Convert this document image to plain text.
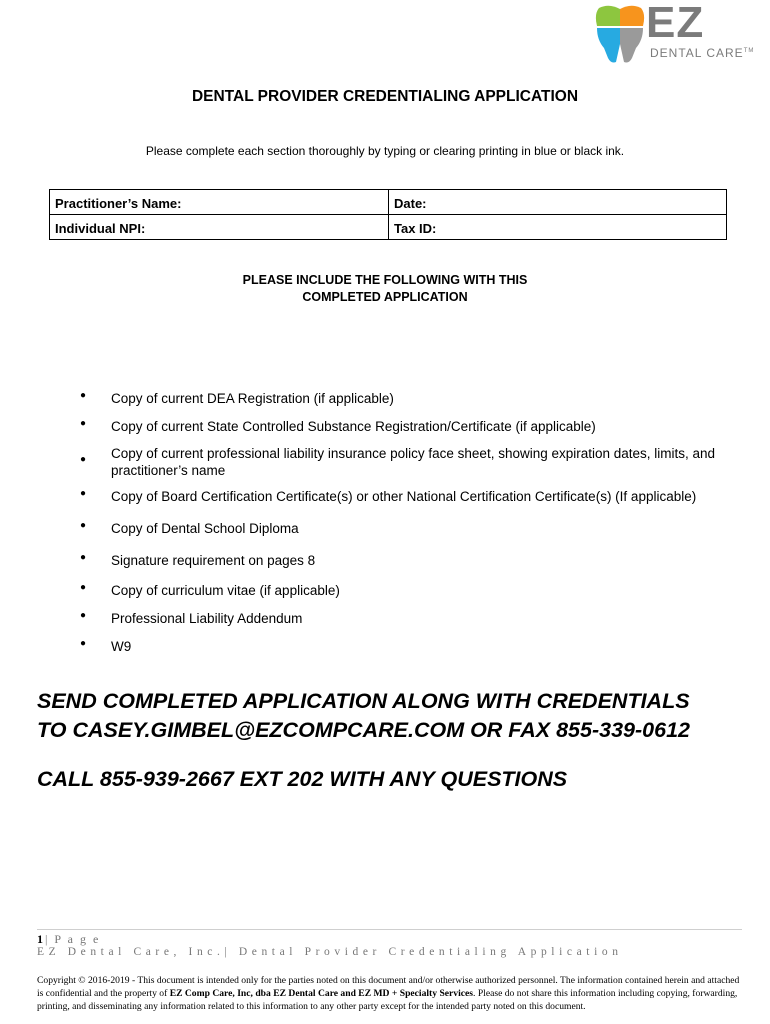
EZ
DENTAL CARE™
DENTAL PROVIDER CREDENTIALING APPLICATION
Please complete each section thoroughly by typing or clearing printing in blue or black ink.
Practitioner’s Name:	Date:
Individual NPI:	Tax ID:
PLEASE INCLUDE THE FOLLOWING WITH THIS
COMPLETED APPLICATION
● Copy of current DEA Registration (if applicable)
● Copy of current State Controlled Substance Registration/Certificate (if applicable)
● Copy of current professional liability insurance policy face sheet, showing expiration dates, limits, and practitioner’s name
● Copy of Board Certification Certificate(s) or other National Certification Certificate(s) (If applicable)
● Copy of Dental School Diploma
● Signature requirement on pages 8
● Copy of curriculum vitae (if applicable)
● Professional Liability Addendum
● W9
SEND COMPLETED APPLICATION ALONG WITH CREDENTIALS
TO CASEY.GIMBEL@EZCOMPCARE.COM OR FAX 855-339-0612
CALL 855-939-2667 EXT 202 WITH ANY QUESTIONS
1| P a g e
EZ Dental Care, Inc.| Dental Provider Credentialing Application
Copyright © 2016-2019 - This document is intended only for the parties noted on this document and/or otherwise authorized personnel. The information contained herein and attached is confidential and the property of EZ Comp Care, Inc, dba EZ Dental Care and EZ MD + Specialty Services. Please do not share this information including copying, forwarding, printing, and disseminating any information related to this information to any other party except for the intended party noted on this document.
